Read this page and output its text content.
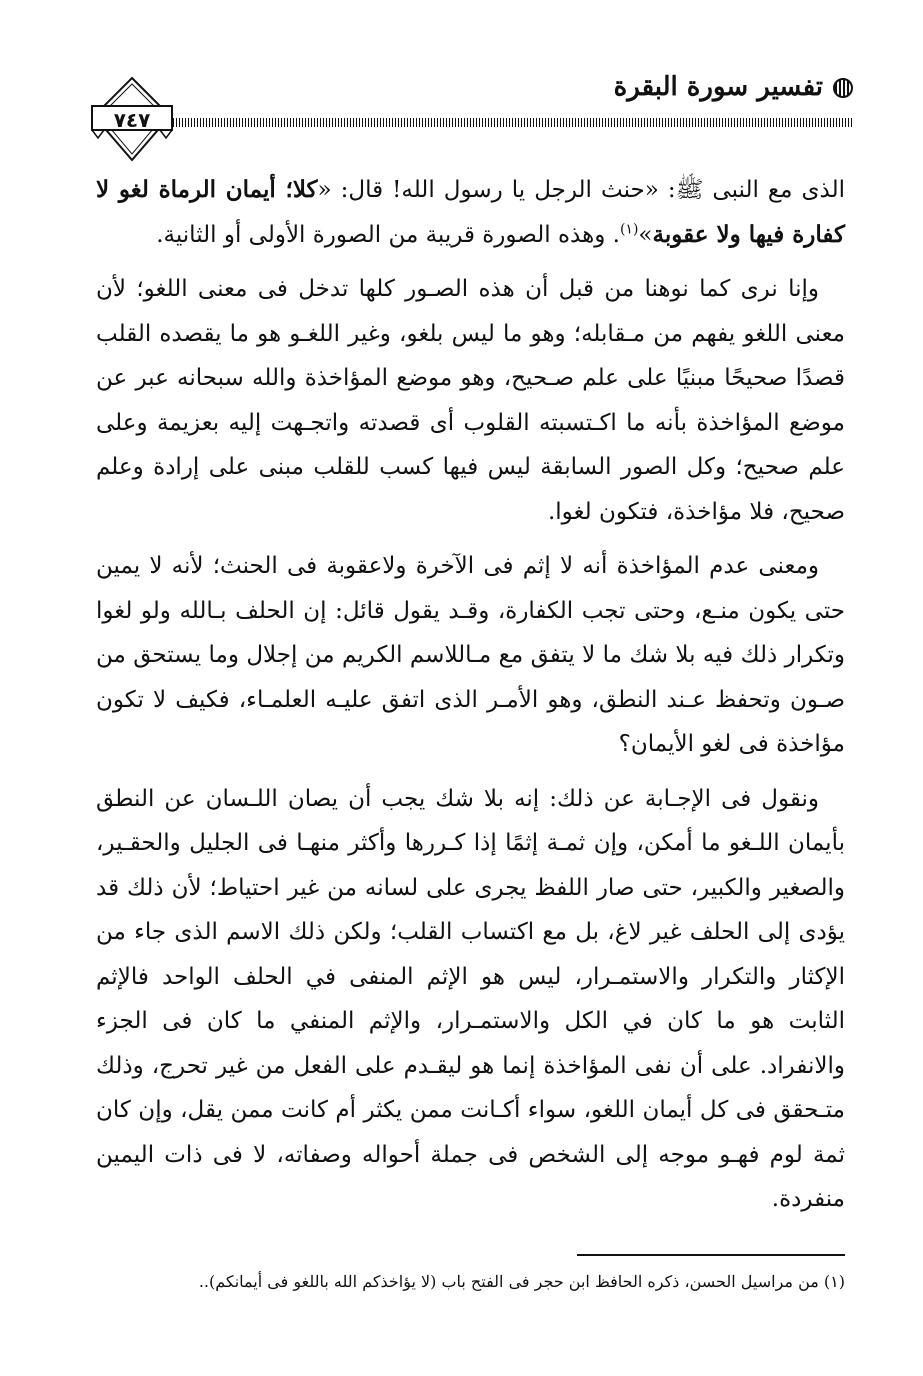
تفسير سورة البقرة
٧٤٧

الذى مع النبى ﷺ: «حنث الرجل يا رسول الله! قال: «كلا؛ أيمان الرماة لغو لا كفارة فيها ولا عقوبة»$^{(١)}$. وهذه الصورة قريبة من الصورة الأولى أو الثانية.

وإنا نرى كما نوهنا من قبل أن هذه الصـور كلها تدخل فى معنى اللغو؛ لأن معنى اللغو يفهم من مـقابله؛ وهو ما ليس بلغو، وغير اللغـو هو ما يقصده القلب قصدًا صحيحًا مبنيًا على علم صـحيح، وهو موضع المؤاخذة والله سبحانه عبر عن موضع المؤاخذة بأنه ما اكـتسبته القلوب أى قصدته واتجـهت إليه بعزيمة وعلى علم صحيح؛ وكل الصور السابقة ليس فيها كسب للقلب مبنى على إرادة وعلم صحيح، فلا مؤاخذة، فتكون لغوا.

ومعنى عدم المؤاخذة أنه لا إثم فى الآخرة ولاعقوبة فى الحنث؛ لأنه لا يمين حتى يكون منـع، وحتى تجب الكفارة، وقـد يقول قائل: إن الحلف بـالله ولو لغوا وتكرار ذلك فيه بلا شك ما لا يتفق مع مـاللاسم الكريم من إجلال وما يستحق من صـون وتحفظ عـند النطق، وهو الأمـر الذى اتفق عليـه العلمـاء، فكيف لا تكون مؤاخذة فى لغو الأيمان؟

ونقول فى الإجـابة عن ذلك: إنه بلا شك يجب أن يصان اللـسان عن النطق بأيمان اللـغو ما أمكن، وإن ثمـة إثمًا إذا كـررها وأكثر منهـا فى الجليل والحقـير، والصغير والكبير، حتى صار اللفظ يجرى على لسانه من غير احتياط؛ لأن ذلك قد يؤدى إلى الحلف غير لاغ، بل مع اكتساب القلب؛ ولكن ذلك الاسم الذى جاء من الإكثار والتكرار والاستمـرار، ليس هو الإثم المنفى في الحلف الواحد فالإثم الثابت هو ما كان في الكل والاستمـرار، والإثم المنفي ما كان فى الجزء والانفراد. على أن نفى المؤاخذة إنما هو ليقـدم على الفعل من غير تحرج، وذلك متـحقق فى كل أيمان اللغو، سواء أكـانت ممن يكثر أم كانت ممن يقل، وإن كان ثمة لوم فهـو موجه إلى الشخص فى جملة أحواله وصفاته، لا فى ذات اليمين منفردة.

(١) من مراسيل الحسن، ذكره الحافظ ابن حجر فى الفتح باب (لا يؤاخذكم الله باللغو فى أيمانكم)..
